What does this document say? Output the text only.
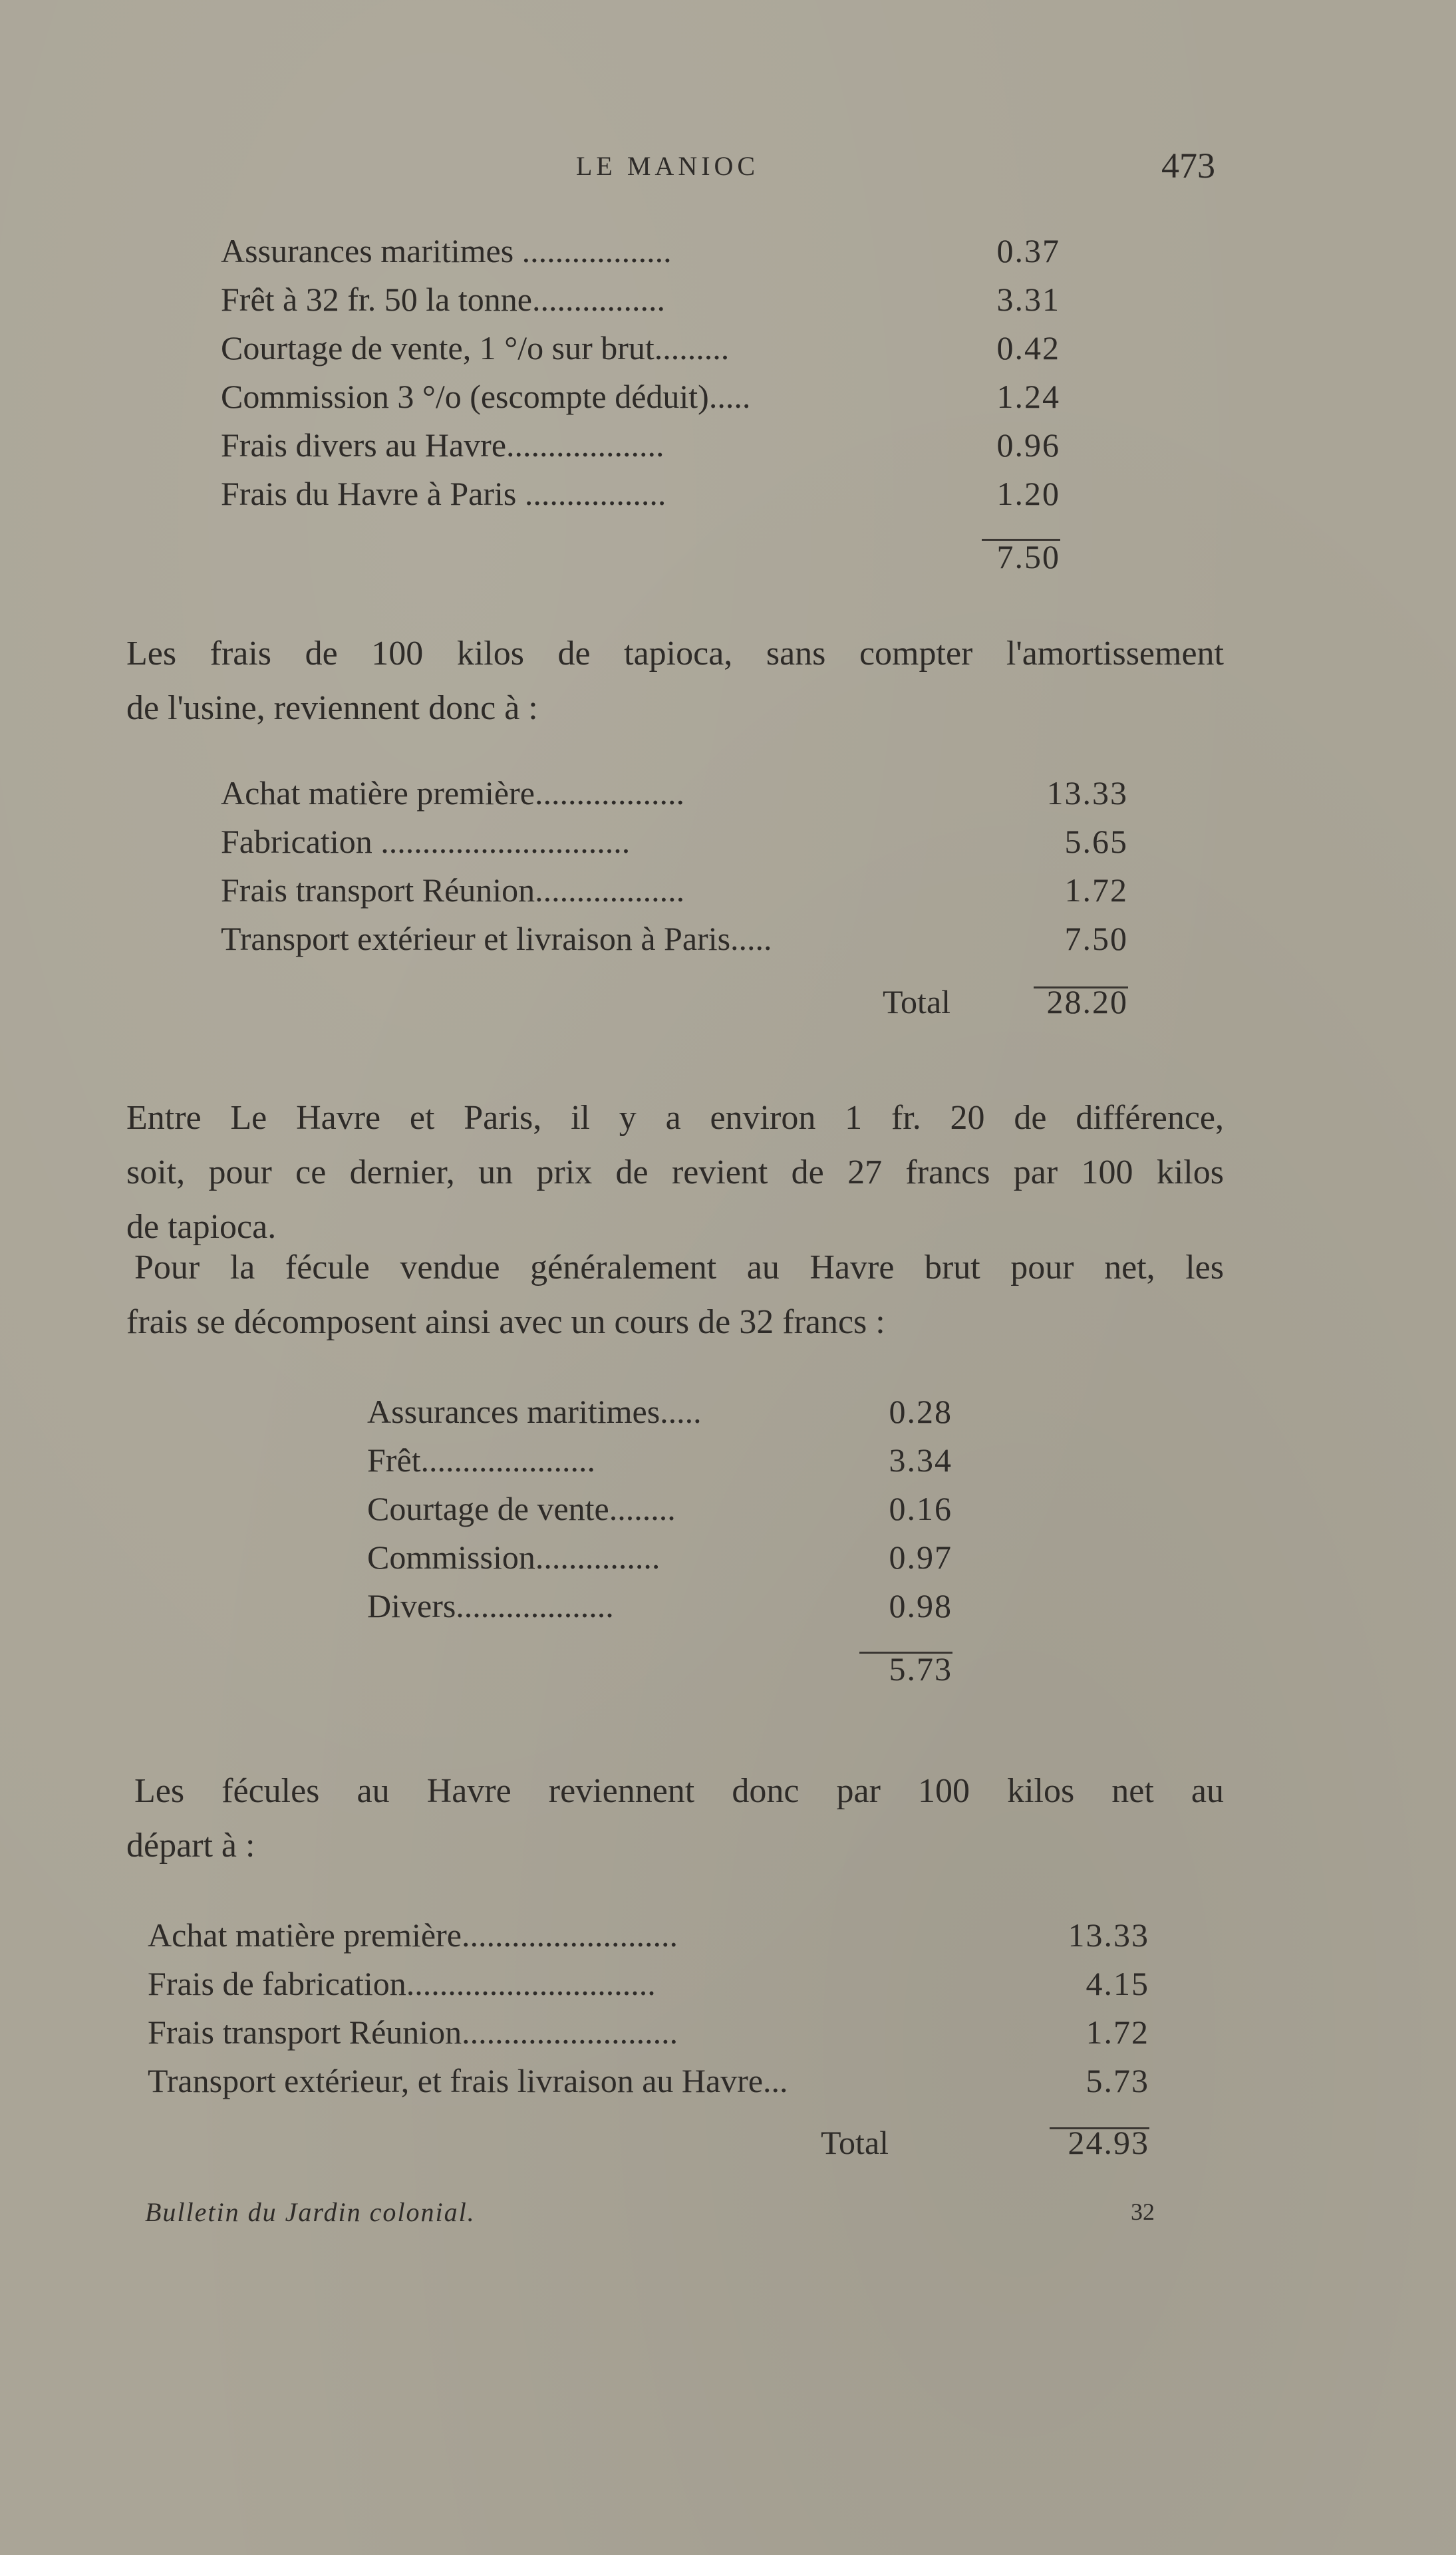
LE MANIOC	473
Assurances maritimes ..................	0.37
Frêt à 32 fr. 50 la tonne................	3.31
Courtage de vente, 1 °/o sur brut.........	0.42
Commission 3 °/o (escompte déduit).....	1.24
Frais divers au Havre...................	0.96
Frais du Havre à Paris .................	1.20
7.50
Les frais de 100 kilos de tapioca, sans compter l'amortissement
de l'usine, reviennent donc à :
Achat matière première..................	13.33
Fabrication ..............................	5.65
Frais transport Réunion..................	1.72
Transport extérieur et livraison à Paris.....	7.50
Total	28.20
Entre Le Havre et Paris, il y a environ 1 fr. 20 de différence,
soit, pour ce dernier, un prix de revient de 27 francs par 100 kilos
de tapioca.
Pour la fécule vendue généralement au Havre brut pour net, les
frais se décomposent ainsi avec un cours de 32 francs :
Assurances maritimes.....	0.28
Frêt.....................	3.34
Courtage de vente........	0.16
Commission...............	0.97
Divers...................	0.98
5.73
Les fécules au Havre reviennent donc par 100 kilos net au
départ à :
Achat matière première..........................	13.33
Frais de fabrication..............................	4.15
Frais transport Réunion..........................	1.72
Transport extérieur, et frais livraison au Havre...	5.73
Total	24.93
Bulletin du Jardin colonial.	32
